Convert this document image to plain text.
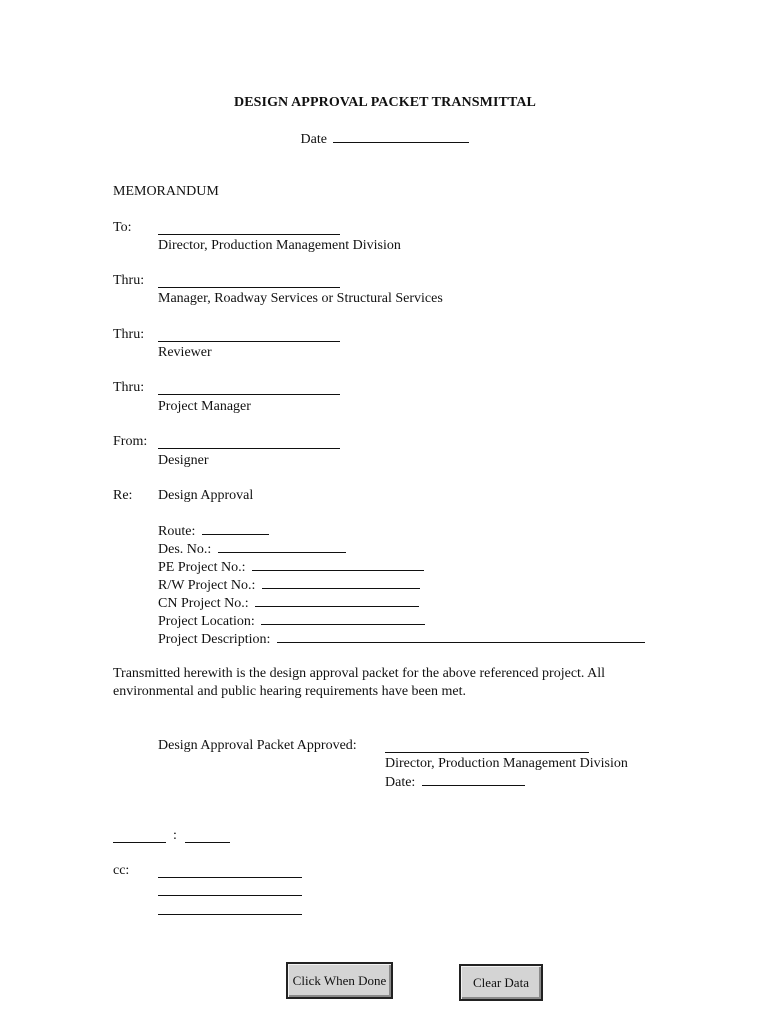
DESIGN APPROVAL PACKET TRANSMITTAL
Date
MEMORANDUM
To:
Director, Production Management Division
Thru:
Manager, Roadway Services or Structural Services
Thru:
Reviewer
Thru:
Project Manager
From:
Designer
Re: Design Approval
Route:
Des. No.:
PE Project No.:
R/W Project No.:
CN Project No.:
Project Location:
Project Description:
Transmitted herewith is the design approval packet for the above referenced project. All environmental and public hearing requirements have been met.
Design Approval Packet Approved:
Director, Production Management Division
Date:
:
cc:
Click When Done	Clear Data
